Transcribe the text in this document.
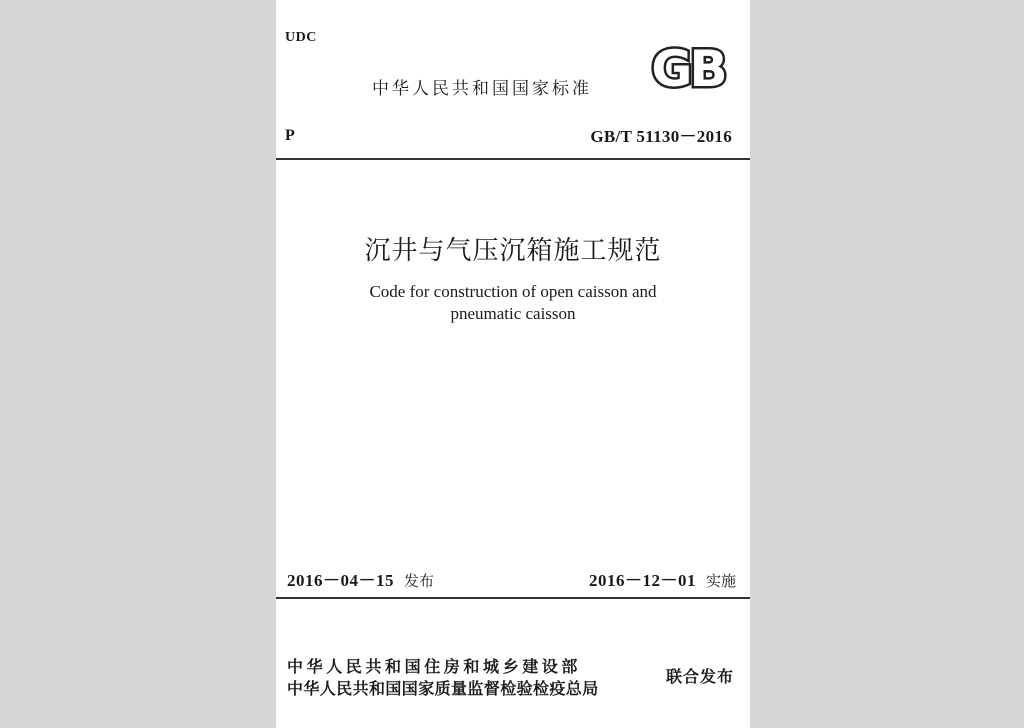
UDC
中华人民共和国国家标准 GB
P	GB/T 51130－2016
沉井与气压沉箱施工规范
Code for construction of open caisson and
pneumatic caisson
2016－04－15 发布	2016－12－01 实施
中华人民共和国住房和城乡建设部
中华人民共和国国家质量监督检验检疫总局
联合发布
